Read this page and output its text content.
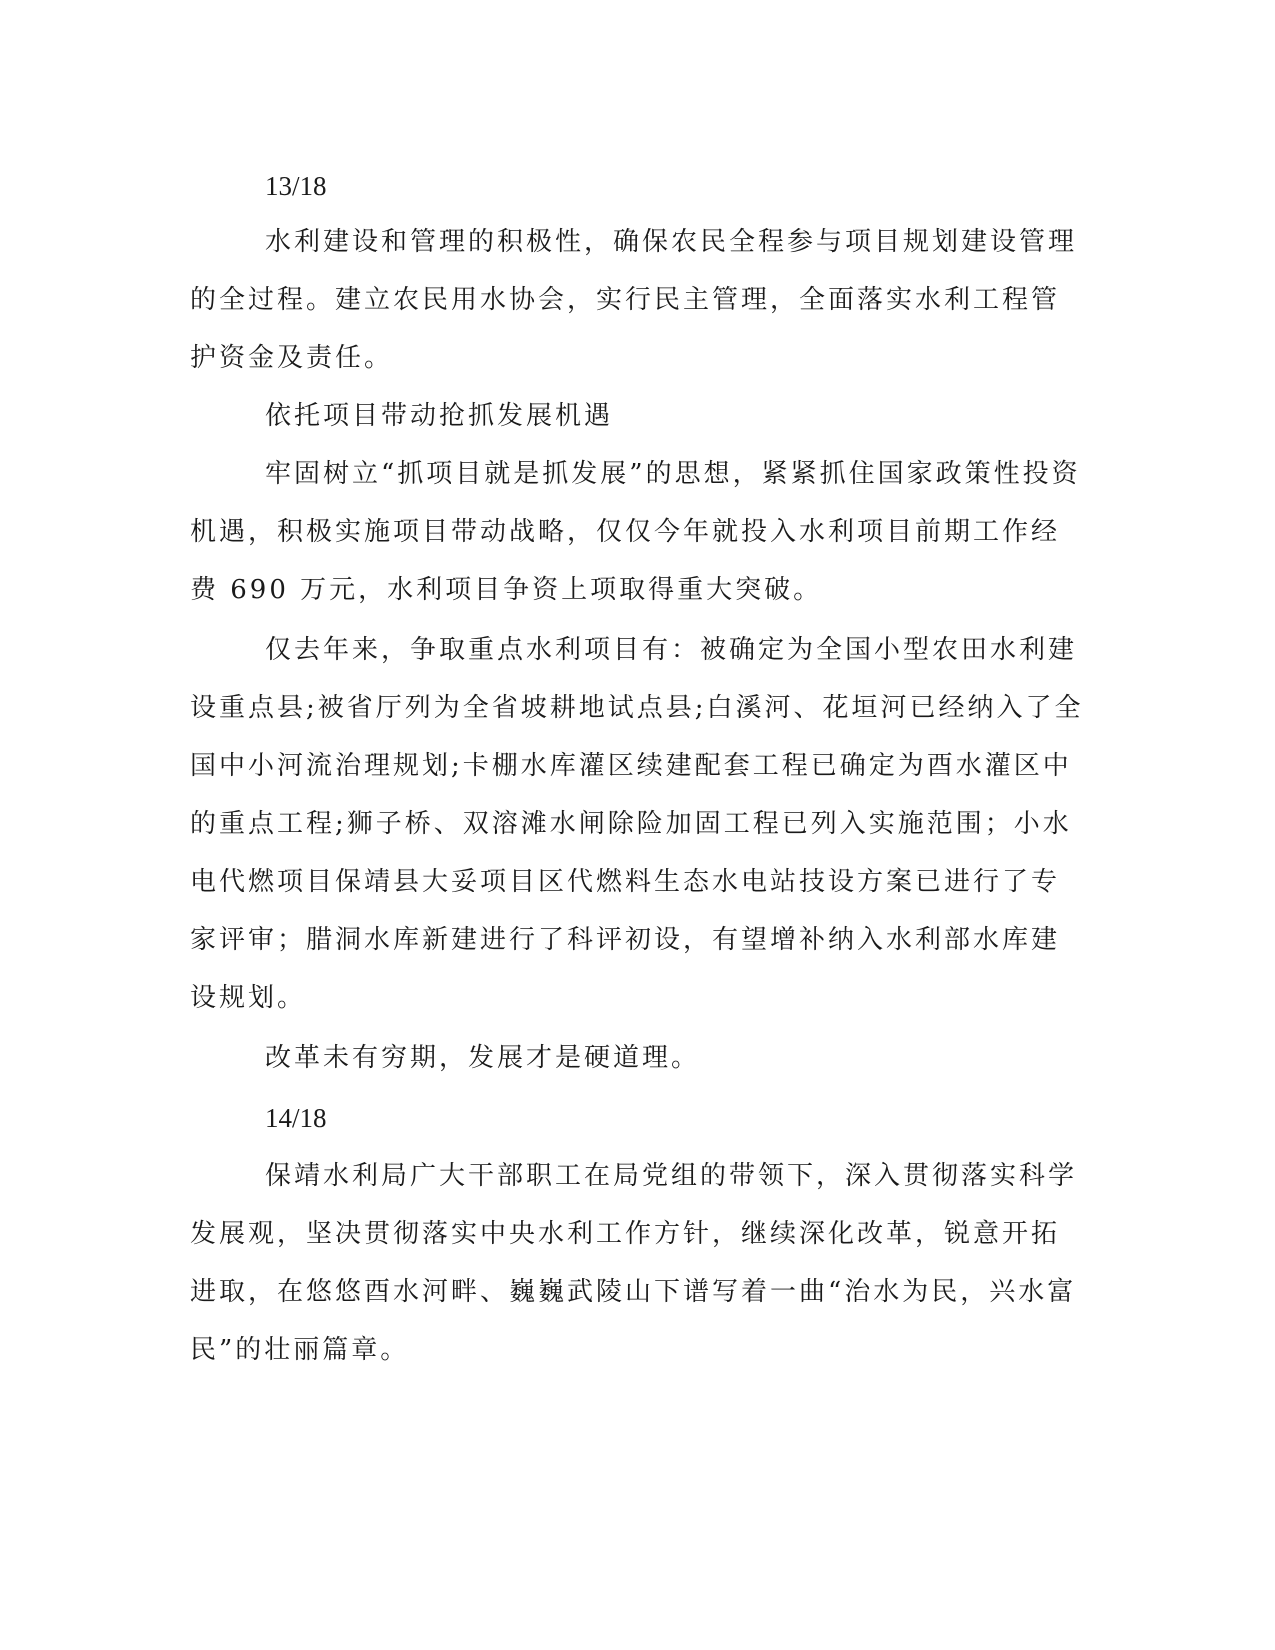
13/18
水利建设和管理的积极性，确保农民全程参与项目规划建设管理
的全过程。建立农民用水协会，实行民主管理，全面落实水利工程管
护资金及责任。
依托项目带动抢抓发展机遇
牢固树立“抓项目就是抓发展”的思想，紧紧抓住国家政策性投资
机遇，积极实施项目带动战略，仅仅今年就投入水利项目前期工作经
费 690 万元，水利项目争资上项取得重大突破。
仅去年来，争取重点水利项目有：被确定为全国小型农田水利建
设重点县;被省厅列为全省坡耕地试点县;白溪河、花垣河已经纳入了全
国中小河流治理规划;卡棚水库灌区续建配套工程已确定为酉水灌区中
的重点工程;狮子桥、双溶滩水闸除险加固工程已列入实施范围；小水
电代燃项目保靖县大妥项目区代燃料生态水电站技设方案已进行了专
家评审；腊洞水库新建进行了科评初设，有望增补纳入水利部水库建
设规划。
改革未有穷期，发展才是硬道理。
14/18
保靖水利局广大干部职工在局党组的带领下，深入贯彻落实科学
发展观，坚决贯彻落实中央水利工作方针，继续深化改革，锐意开拓
进取，在悠悠酉水河畔、巍巍武陵山下谱写着一曲“治水为民，兴水富
民”的壮丽篇章。
